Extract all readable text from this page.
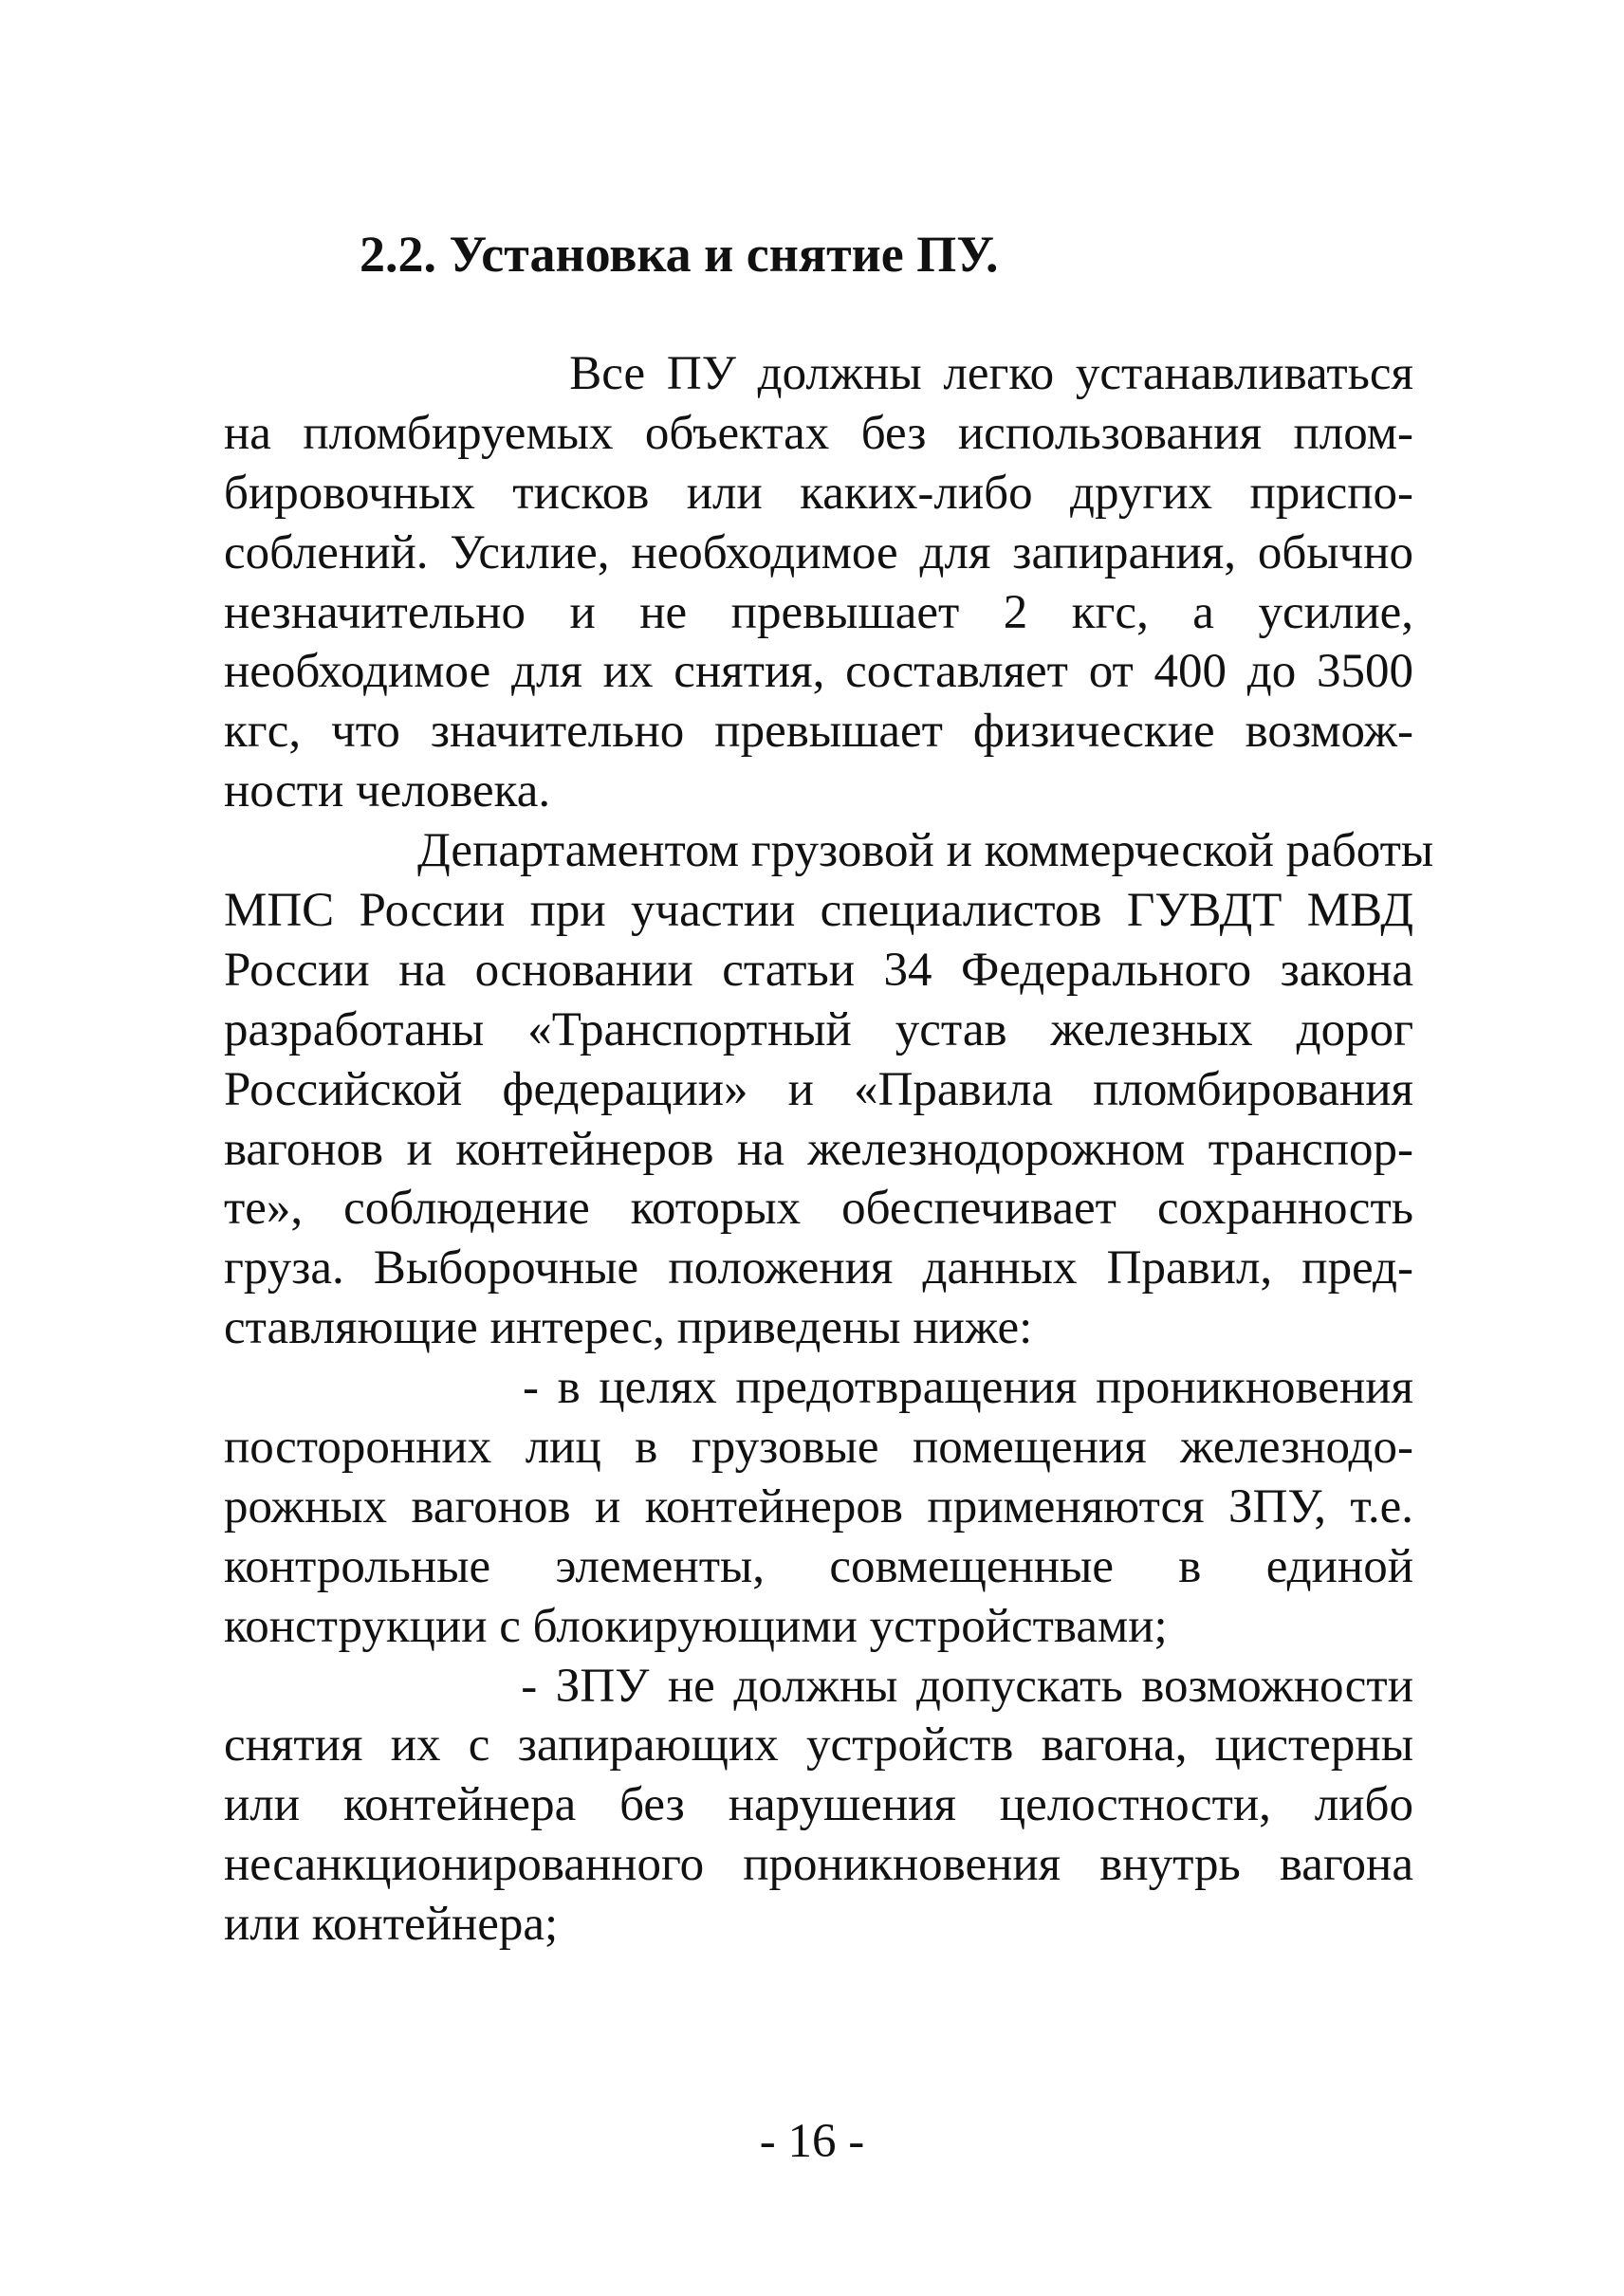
2.2. Установка и снятие ПУ.

Все ПУ должны легко устанавливаться
на пломбируемых объектах без использования плом-
бировочных тисков или каких-либо других приспо-
соблений. Усилие, необходимое для запирания, обычно
незначительно и не превышает 2 кгс, а усилие,
необходимое для их снятия, составляет от 400 до 3500
кгс, что значительно превышает физические возмож-
ности человека.

Департаментом грузовой и коммерческой работы
МПС России при участии специалистов ГУВДТ МВД
России на основании статьи 34 Федерального закона
разработаны «Транспортный устав железных дорог
Российской федерации» и «Правила пломбирования
вагонов и контейнеров на железнодорожном транспор-
те», соблюдение которых обеспечивает сохранность
груза. Выборочные положения данных Правил, пред-
ставляющие интерес, приведены ниже:

- в целях предотвращения проникновения
посторонних лиц в грузовые помещения железнодо-
рожных вагонов и контейнеров применяются ЗПУ, т.е.
контрольные элементы, совмещенные в единой
конструкции с блокирующими устройствами;

- ЗПУ не должны допускать возможности
снятия их с запирающих устройств вагона, цистерны
или контейнера без нарушения целостности, либо
несанкционированного проникновения внутрь вагона
или контейнера;

- 16 -
